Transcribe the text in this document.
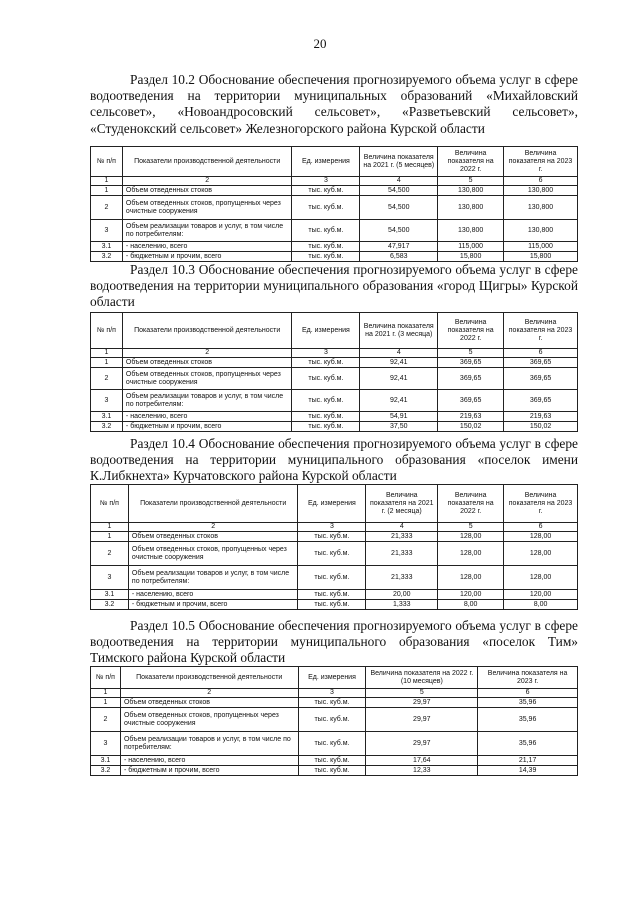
20
Раздел 10.2 Обоснование обеспечения прогнозируемого объема услуг в сфере водоотведения на территории муниципальных образований «Михайловский сельсовет», «Новоандросовский сельсовет», «Разветьевский сельсовет», «Студенокский сельсовет» Железногорского района Курской области
№ п/п	Показатели производственной деятельности	Ед. измерения	Величина показателя на 2021 г. (5 месяцев)	Величина показателя на 2022 г.	Величина показателя на 2023 г.
1	2	3	4	5	6
1	Объем отведенных стоков	тыс. куб.м.	54,500	130,800	130,800
2	Объем отведенных стоков, пропущенных через очистные сооружения	тыс. куб.м.	54,500	130,800	130,800
3	Объем реализации товаров и услуг, в том числе по потребителям:	тыс. куб.м.	54,500	130,800	130,800
3.1	- населению, всего	тыс. куб.м.	47,917	115,000	115,000
3.2	- бюджетным и прочим, всего	тыс. куб.м.	6,583	15,800	15,800
Раздел 10.3 Обоснование обеспечения прогнозируемого объема услуг в сфере водоотведения на территории муниципального образования «город Щигры» Курской области
№ п/п	Показатели производственной деятельности	Ед. измерения	Величина показателя на 2021 г. (3 месяца)	Величина показателя на 2022 г.	Величина показателя на 2023 г.
1	2	3	4	5	6
1	Объем отведенных стоков	тыс. куб.м.	92,41	369,65	369,65
2	Объем отведенных стоков, пропущенных через очистные сооружения	тыс. куб.м.	92,41	369,65	369,65
3	Объем реализации товаров и услуг, в том числе по потребителям:	тыс. куб.м.	92,41	369,65	369,65
3.1	- населению, всего	тыс. куб.м.	54,91	219,63	219,63
3.2	- бюджетным и прочим, всего	тыс. куб.м.	37,50	150,02	150,02
Раздел 10.4 Обоснование обеспечения прогнозируемого объема услуг в сфере водоотведения на территории муниципального образования «поселок имени К.Либкнехта» Курчатовского района Курской области
№ п/п	Показатели производственной деятельности	Ед. измерения	Величина показателя на 2021 г. (2 месяца)	Величина показателя на 2022 г.	Величина показателя на 2023 г.
1	2	3	4	5	6
1	Объем отведенных стоков	тыс. куб.м.	21,333	128,00	128,00
2	Объем отведенных стоков, пропущенных через очистные сооружения	тыс. куб.м.	21,333	128,00	128,00
3	Объем реализации товаров и услуг, в том числе по потребителям:	тыс. куб.м.	21,333	128,00	128,00
3.1	- населению, всего	тыс. куб.м.	20,00	120,00	120,00
3.2	- бюджетным и прочим, всего	тыс. куб.м.	1,333	8,00	8,00
Раздел 10.5 Обоснование обеспечения прогнозируемого объема услуг в сфере водоотведения на территории муниципального образования «поселок Тим» Тимского района Курской области
№ п/п	Показатели производственной деятельности	Ед. измерения	Величина показателя на 2022 г. (10 месяцев)	Величина показателя на 2023 г.
1	2	3	5	6
1	Объем отведенных стоков	тыс. куб.м.	29,97	35,96
2	Объем отведенных стоков, пропущенных через очистные сооружения	тыс. куб.м.	29,97	35,96
3	Объем реализации товаров и услуг, в том числе по потребителям:	тыс. куб.м.	29,97	35,96
3.1	- населению, всего	тыс. куб.м.	17,64	21,17
3.2	- бюджетным и прочим, всего	тыс. куб.м.	12,33	14,39
